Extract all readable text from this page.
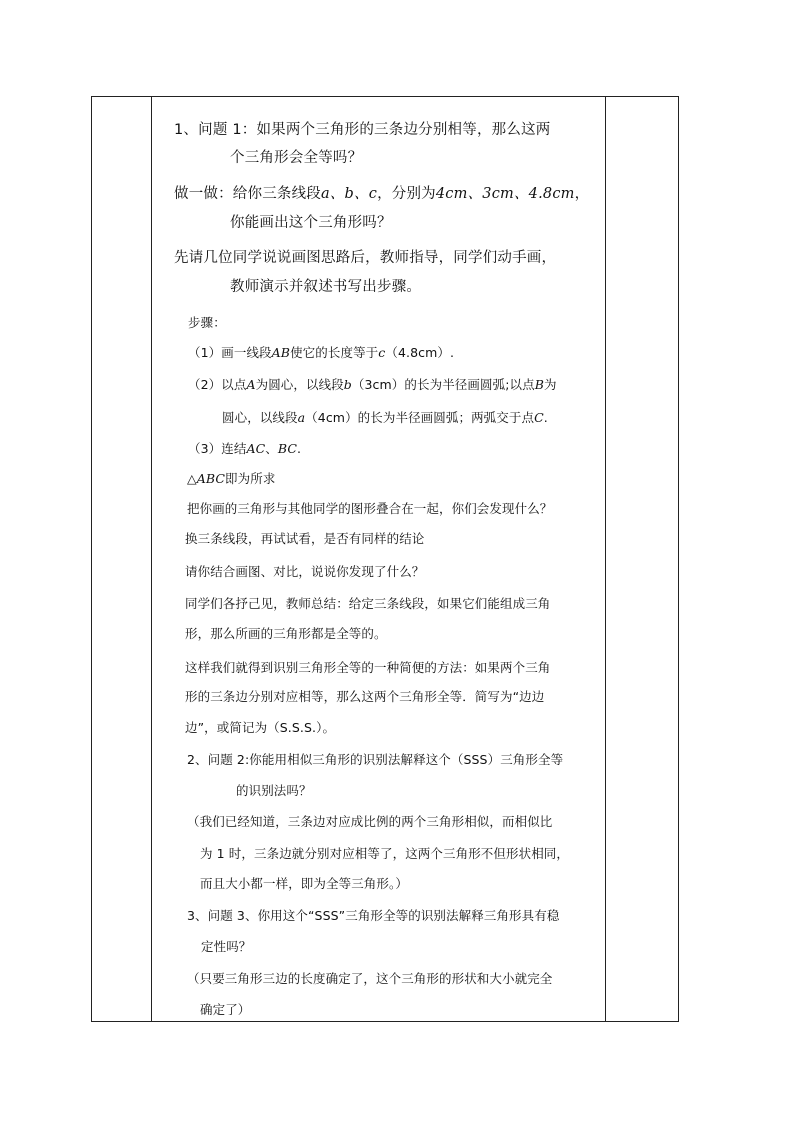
1、问题 1：如果两个三角形的三条边分别相等，那么这两
个三角形会全等吗？
做一做：给你三条线段a、b、c，分别为4cm、3cm、4.8cm，
你能画出这个三角形吗？
先请几位同学说说画图思路后，教师指导，同学们动手画，
教师演示并叙述书写出步骤。
步骤：
（1）画一线段AB使它的长度等于c（4.8cm）.
（2）以点A为圆心，以线段b（3cm）的长为半径画圆弧;以点B为
圆心，以线段a（4cm）的长为半径画圆弧；两弧交于点C.
（3）连结AC、BC.
△ABC即为所求
把你画的三角形与其他同学的图形叠合在一起，你们会发现什么？
换三条线段，再试试看，是否有同样的结论
请你结合画图、对比，说说你发现了什么？
同学们各抒己见，教师总结：给定三条线段，如果它们能组成三角
形，那么所画的三角形都是全等的。
这样我们就得到识别三角形全等的一种简便的方法：如果两个三角
形的三条边分别对应相等，那么这两个三角形全等．简写为“边边
边”，或简记为（S.S.S.）。
2、问题 2:你能用相似三角形的识别法解释这个（SSS）三角形全等
的识别法吗？
（我们已经知道，三条边对应成比例的两个三角形相似，而相似比
为 1 时，三条边就分别对应相等了，这两个三角形不但形状相同，
而且大小都一样，即为全等三角形。）
3、问题 3、你用这个“SSS”三角形全等的识别法解释三角形具有稳
定性吗？
（只要三角形三边的长度确定了，这个三角形的形状和大小就完全
确定了）
